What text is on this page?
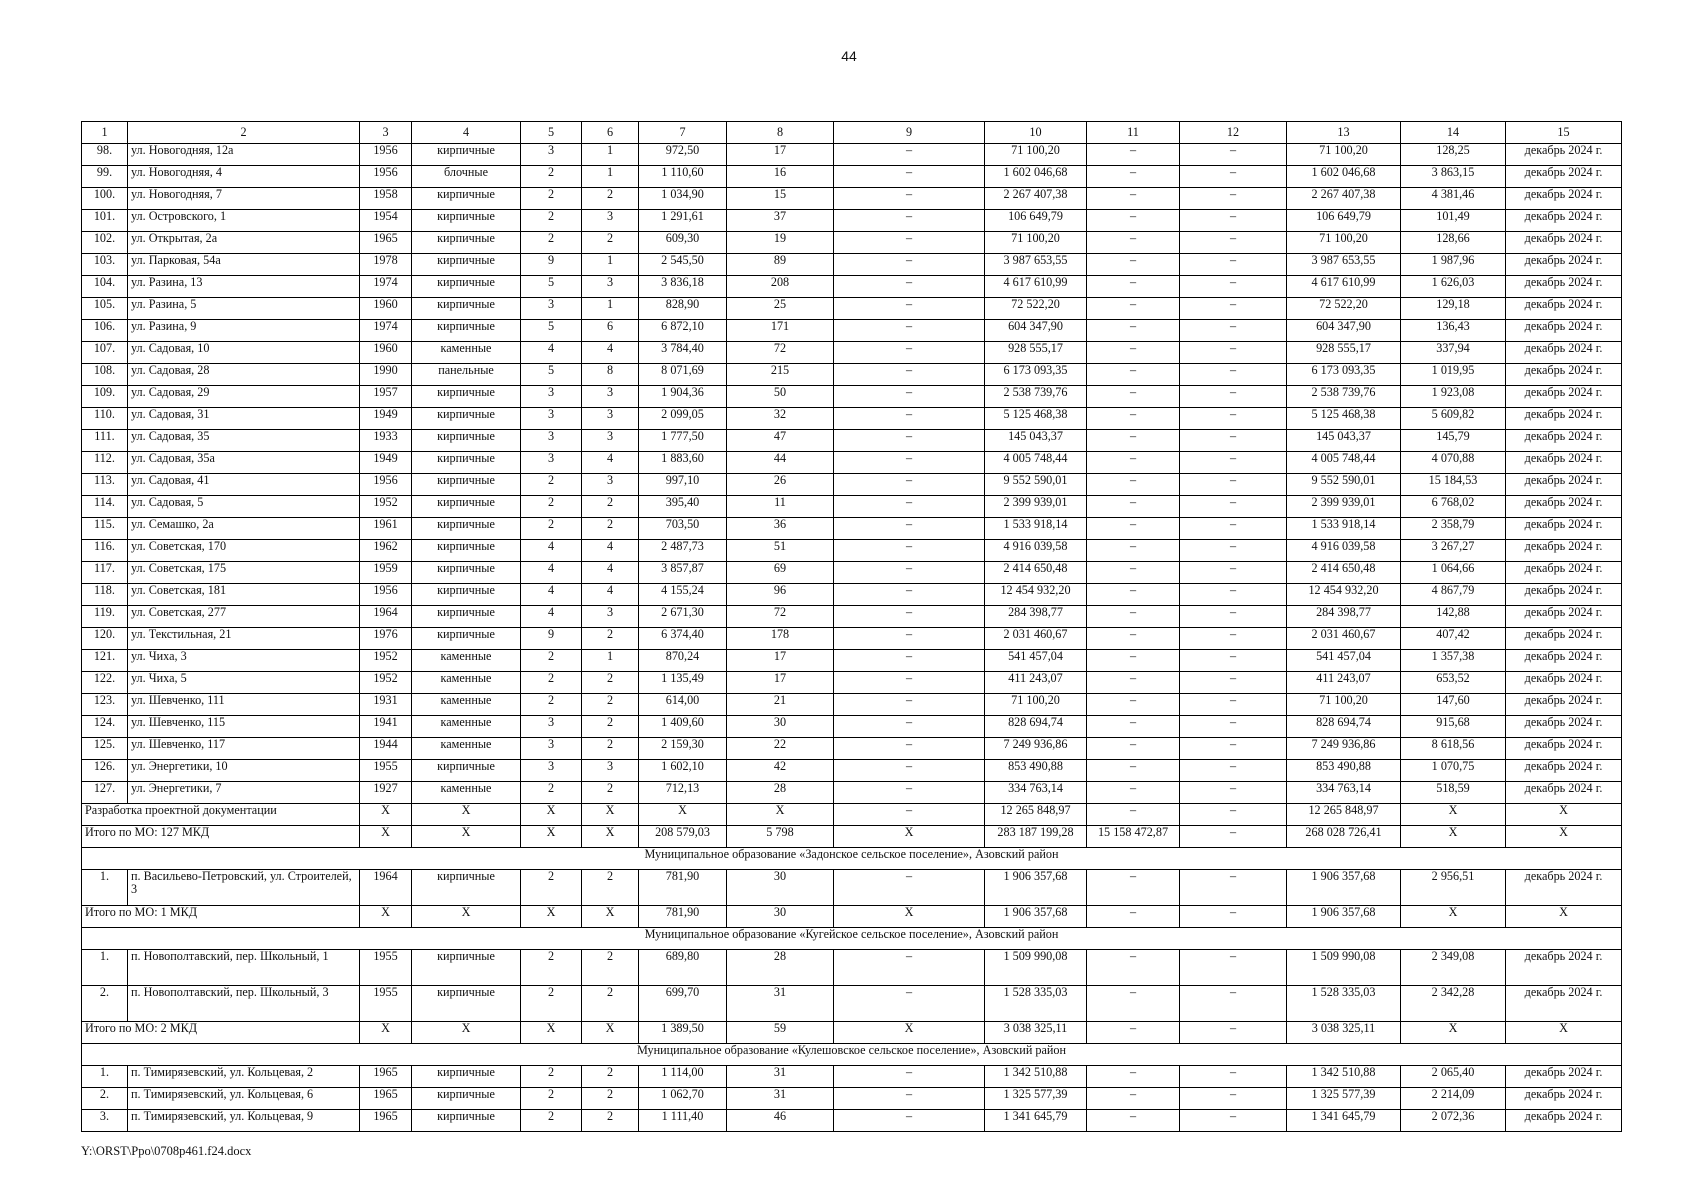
44
1	2	3	4	5	6	7	8	9	10	11	12	13	14	15
98.	ул. Новогодняя, 12а	1956	кирпичные	3	1	972,50	17	–	71 100,20	–	–	71 100,20	128,25	декабрь 2024 г.
99.	ул. Новогодняя, 4	1956	блочные	2	1	1 110,60	16	–	1 602 046,68	–	–	1 602 046,68	3 863,15	декабрь 2024 г.
100.	ул. Новогодняя, 7	1958	кирпичные	2	2	1 034,90	15	–	2 267 407,38	–	–	2 267 407,38	4 381,46	декабрь 2024 г.
101.	ул. Островского, 1	1954	кирпичные	2	3	1 291,61	37	–	106 649,79	–	–	106 649,79	101,49	декабрь 2024 г.
102.	ул. Открытая, 2а	1965	кирпичные	2	2	609,30	19	–	71 100,20	–	–	71 100,20	128,66	декабрь 2024 г.
103.	ул. Парковая, 54а	1978	кирпичные	9	1	2 545,50	89	–	3 987 653,55	–	–	3 987 653,55	1 987,96	декабрь 2024 г.
104.	ул. Разина, 13	1974	кирпичные	5	3	3 836,18	208	–	4 617 610,99	–	–	4 617 610,99	1 626,03	декабрь 2024 г.
105.	ул. Разина, 5	1960	кирпичные	3	1	828,90	25	–	72 522,20	–	–	72 522,20	129,18	декабрь 2024 г.
106.	ул. Разина, 9	1974	кирпичные	5	6	6 872,10	171	–	604 347,90	–	–	604 347,90	136,43	декабрь 2024 г.
107.	ул. Садовая, 10	1960	каменные	4	4	3 784,40	72	–	928 555,17	–	–	928 555,17	337,94	декабрь 2024 г.
108.	ул. Садовая, 28	1990	панельные	5	8	8 071,69	215	–	6 173 093,35	–	–	6 173 093,35	1 019,95	декабрь 2024 г.
109.	ул. Садовая, 29	1957	кирпичные	3	3	1 904,36	50	–	2 538 739,76	–	–	2 538 739,76	1 923,08	декабрь 2024 г.
110.	ул. Садовая, 31	1949	кирпичные	3	3	2 099,05	32	–	5 125 468,38	–	–	5 125 468,38	5 609,82	декабрь 2024 г.
111.	ул. Садовая, 35	1933	кирпичные	3	3	1 777,50	47	–	145 043,37	–	–	145 043,37	145,79	декабрь 2024 г.
112.	ул. Садовая, 35а	1949	кирпичные	3	4	1 883,60	44	–	4 005 748,44	–	–	4 005 748,44	4 070,88	декабрь 2024 г.
113.	ул. Садовая, 41	1956	кирпичные	2	3	997,10	26	–	9 552 590,01	–	–	9 552 590,01	15 184,53	декабрь 2024 г.
114.	ул. Садовая, 5	1952	кирпичные	2	2	395,40	11	–	2 399 939,01	–	–	2 399 939,01	6 768,02	декабрь 2024 г.
115.	ул. Семашко, 2а	1961	кирпичные	2	2	703,50	36	–	1 533 918,14	–	–	1 533 918,14	2 358,79	декабрь 2024 г.
116.	ул. Советская, 170	1962	кирпичные	4	4	2 487,73	51	–	4 916 039,58	–	–	4 916 039,58	3 267,27	декабрь 2024 г.
117.	ул. Советская, 175	1959	кирпичные	4	4	3 857,87	69	–	2 414 650,48	–	–	2 414 650,48	1 064,66	декабрь 2024 г.
118.	ул. Советская, 181	1956	кирпичные	4	4	4 155,24	96	–	12 454 932,20	–	–	12 454 932,20	4 867,79	декабрь 2024 г.
119.	ул. Советская, 277	1964	кирпичные	4	3	2 671,30	72	–	284 398,77	–	–	284 398,77	142,88	декабрь 2024 г.
120.	ул. Текстильная, 21	1976	кирпичные	9	2	6 374,40	178	–	2 031 460,67	–	–	2 031 460,67	407,42	декабрь 2024 г.
121.	ул. Чиха, 3	1952	каменные	2	1	870,24	17	–	541 457,04	–	–	541 457,04	1 357,38	декабрь 2024 г.
122.	ул. Чиха, 5	1952	каменные	2	2	1 135,49	17	–	411 243,07	–	–	411 243,07	653,52	декабрь 2024 г.
123.	ул. Шевченко, 111	1931	каменные	2	2	614,00	21	–	71 100,20	–	–	71 100,20	147,60	декабрь 2024 г.
124.	ул. Шевченко, 115	1941	каменные	3	2	1 409,60	30	–	828 694,74	–	–	828 694,74	915,68	декабрь 2024 г.
125.	ул. Шевченко, 117	1944	каменные	3	2	2 159,30	22	–	7 249 936,86	–	–	7 249 936,86	8 618,56	декабрь 2024 г.
126.	ул. Энергетики, 10	1955	кирпичные	3	3	1 602,10	42	–	853 490,88	–	–	853 490,88	1 070,75	декабрь 2024 г.
127.	ул. Энергетики, 7	1927	каменные	2	2	712,13	28	–	334 763,14	–	–	334 763,14	518,59	декабрь 2024 г.
Разработка проектной документации		X	X	X	X	X	X	–	12 265 848,97	–	–	12 265 848,97	X	X
Итого по МО: 127 МКД		X	X	X	X	208 579,03	5 798	X	283 187 199,28	15 158 472,87	–	268 028 726,41	X	X
Муниципальное образование «Задонское сельское поселение», Азовский район														
1.	п. Васильево-Петровский, ул. Строителей, 3	1964	кирпичные	2	2	781,90	30	–	1 906 357,68	–	–	1 906 357,68	2 956,51	декабрь 2024 г.
Итого по МО: 1 МКД		X	X	X	X	781,90	30	X	1 906 357,68	–	–	1 906 357,68	X	X
Муниципальное образование «Кугейское сельское поселение», Азовский район														
1.	п. Новополтавский, пер. Школьный, 1	1955	кирпичные	2	2	689,80	28	–	1 509 990,08	–	–	1 509 990,08	2 349,08	декабрь 2024 г.
2.	п. Новополтавский, пер. Школьный, 3	1955	кирпичные	2	2	699,70	31	–	1 528 335,03	–	–	1 528 335,03	2 342,28	декабрь 2024 г.
Итого по МО: 2 МКД		X	X	X	X	1 389,50	59	X	3 038 325,11	–	–	3 038 325,11	X	X
Муниципальное образование «Кулешовское сельское поселение», Азовский район														
1.	п. Тимирязевский, ул. Кольцевая, 2	1965	кирпичные	2	2	1 114,00	31	–	1 342 510,88	–	–	1 342 510,88	2 065,40	декабрь 2024 г.
2.	п. Тимирязевский, ул. Кольцевая, 6	1965	кирпичные	2	2	1 062,70	31	–	1 325 577,39	–	–	1 325 577,39	2 214,09	декабрь 2024 г.
3.	п. Тимирязевский, ул. Кольцевая, 9	1965	кирпичные	2	2	1 111,40	46	–	1 341 645,79	–	–	1 341 645,79	2 072,36	декабрь 2024 г.
Y:\ORST\Ppo\0708p461.f24.docx
